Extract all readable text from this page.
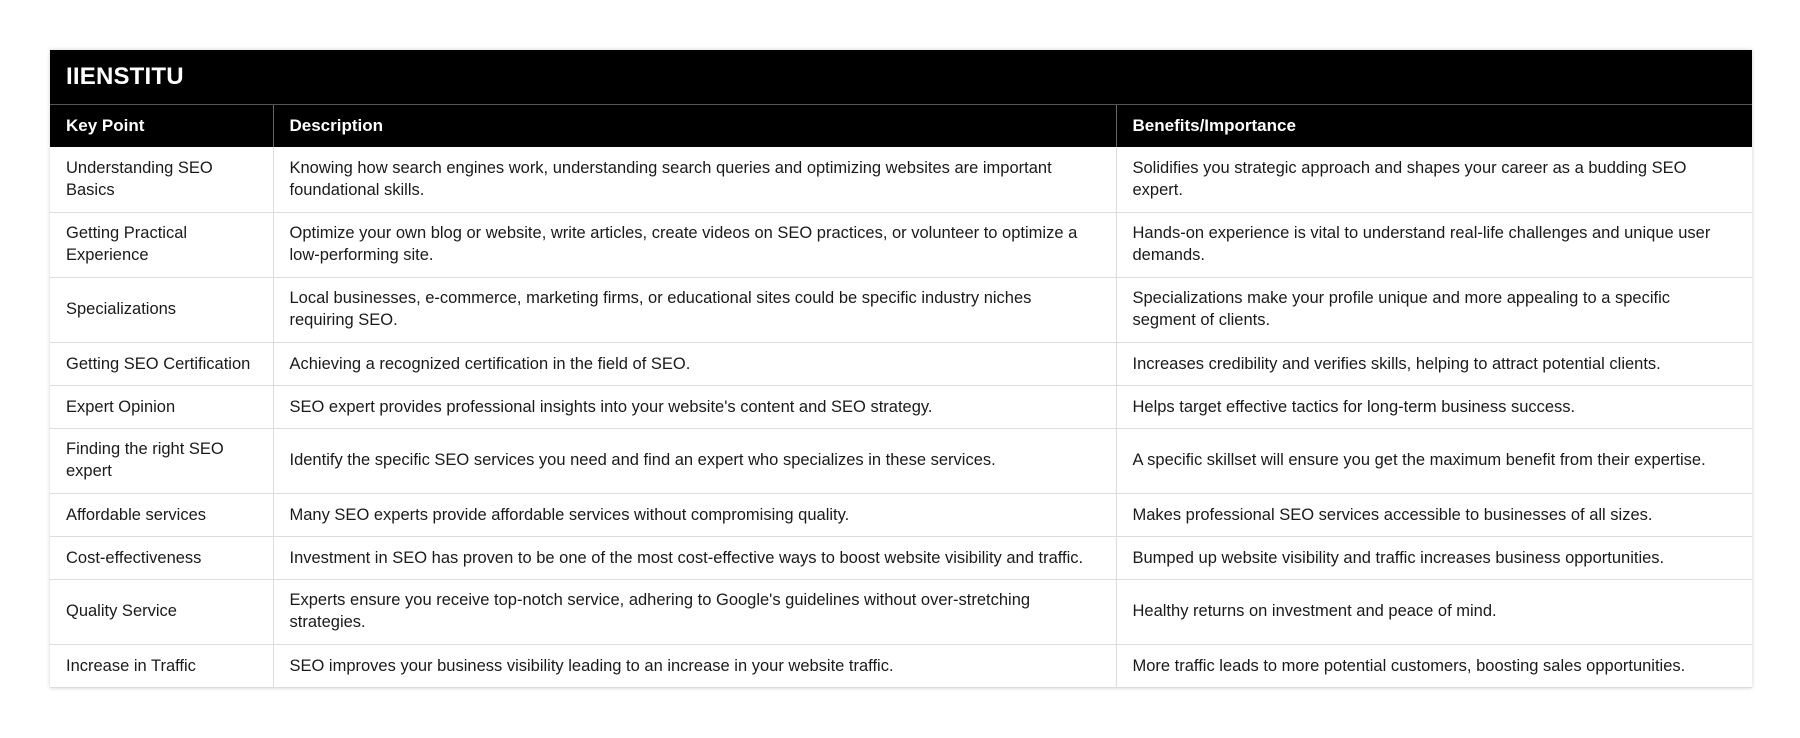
IIENSTITU
Key Point	Description	Benefits/Importance
Understanding SEO Basics	Knowing how search engines work, understanding search queries and optimizing websites are important foundational skills.	Solidifies you strategic approach and shapes your career as a budding SEO expert.
Getting Practical Experience	Optimize your own blog or website, write articles, create videos on SEO practices, or volunteer to optimize a low-performing site.	Hands-on experience is vital to understand real-life challenges and unique user demands.
Specializations	Local businesses, e-commerce, marketing firms, or educational sites could be specific industry niches requiring SEO.	Specializations make your profile unique and more appealing to a specific segment of clients.
Getting SEO Certification	Achieving a recognized certification in the field of SEO.	Increases credibility and verifies skills, helping to attract potential clients.
Expert Opinion	SEO expert provides professional insights into your website's content and SEO strategy.	Helps target effective tactics for long-term business success.
Finding the right SEO expert	Identify the specific SEO services you need and find an expert who specializes in these services.	A specific skillset will ensure you get the maximum benefit from their expertise.
Affordable services	Many SEO experts provide affordable services without compromising quality.	Makes professional SEO services accessible to businesses of all sizes.
Cost-effectiveness	Investment in SEO has proven to be one of the most cost-effective ways to boost website visibility and traffic.	Bumped up website visibility and traffic increases business opportunities.
Quality Service	Experts ensure you receive top-notch service, adhering to Google's guidelines without over-stretching strategies.	Healthy returns on investment and peace of mind.
Increase in Traffic	SEO improves your business visibility leading to an increase in your website traffic.	More traffic leads to more potential customers, boosting sales opportunities.
